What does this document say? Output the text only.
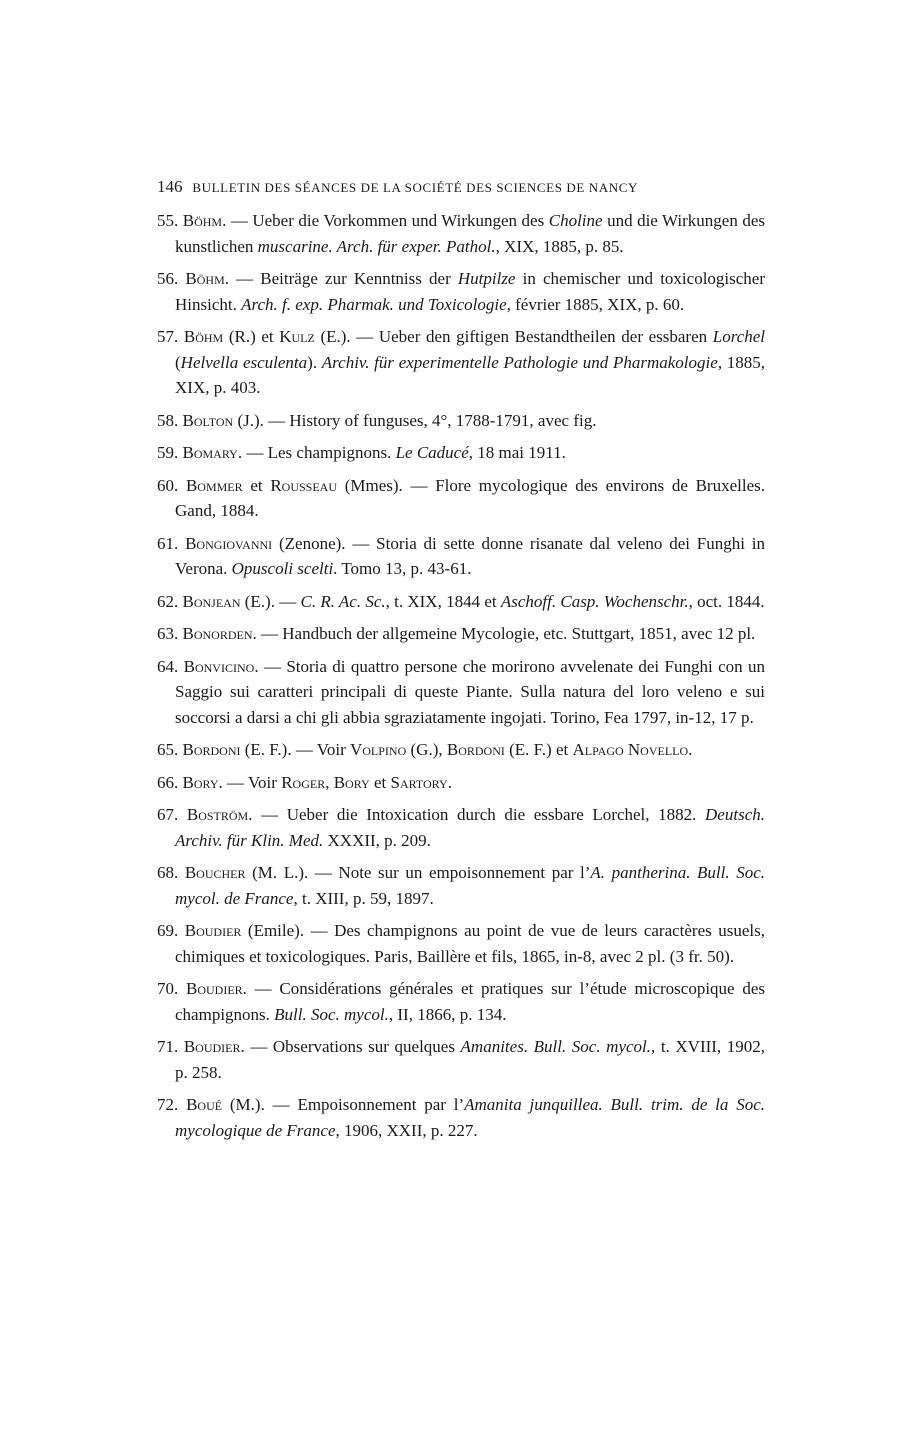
146 BULLETIN DES SÉANCES DE LA SOCIÉTÉ DES SCIENCES DE NANCY
55. Böhm. — Ueber die Vorkommen und Wirkungen des Choline und die Wirkungen des kunstlichen muscarine. Arch. für exper. Pathol., XIX, 1885, p. 85.
56. Böhm. — Beiträge zur Kenntniss der Hutpilze in chemischer und toxicologischer Hinsicht. Arch. f. exp. Pharmak. und Toxicologie, février 1885, XIX, p. 60.
57. Böhm (R.) et Kulz (E.). — Ueber den giftigen Bestandtheilen der essbaren Lorchel (Helvella esculenta). Archiv. für experimentelle Pathologie und Pharmakologie, 1885, XIX, p. 403.
58. Bolton (J.). — History of funguses, 4°, 1788-1791, avec fig.
59. Bomary. — Les champignons. Le Caducé, 18 mai 1911.
60. Bommer et Rousseau (Mmes). — Flore mycologique des environs de Bruxelles. Gand, 1884.
61. Bongiovanni (Zenone). — Storia di sette donne risanate dal veleno dei Funghi in Verona. Opuscoli scelti. Tomo 13, p. 43-61.
62. Bonjean (E.). — C. R. Ac. Sc., t. XIX, 1844 et Aschoff. Casp. Wochenschr., oct. 1844.
63. Bonorden. — Handbuch der allgemeine Mycologie, etc. Stuttgart, 1851, avec 12 pl.
64. Bonvicino. — Storia di quattro persone che morirono avvelenate dei Funghi con un Saggio sui caratteri principali di queste Piante. Sulla natura del loro veleno e sui soccorsi a darsi a chi gli abbia sgraziatamente ingojati. Torino, Fea 1797, in-12, 17 p.
65. Bordoni (E. F.). — Voir Volpino (G.), Bordoni (E. F.) et Alpago Novello.
66. Bory. — Voir Roger, Bory et Sartory.
67. Boström. — Ueber die Intoxication durch die essbare Lorchel, 1882. Deutsch. Archiv. für Klin. Med. XXXII, p. 209.
68. Boucher (M. L.). — Note sur un empoisonnement par l’A. pantherina. Bull. Soc. mycol. de France, t. XIII, p. 59, 1897.
69. Boudier (Emile). — Des champignons au point de vue de leurs caractères usuels, chimiques et toxicologiques. Paris, Baillère et fils, 1865, in-8, avec 2 pl. (3 fr. 50).
70. Boudier. — Considérations générales et pratiques sur l’étude microscopique des champignons. Bull. Soc. mycol., II, 1866, p. 134.
71. Boudier. — Observations sur quelques Amanites. Bull. Soc. mycol., t. XVIII, 1902, p. 258.
72. Boué (M.). — Empoisonnement par l’Amanita junquillea. Bull. trim. de la Soc. mycologique de France, 1906, XXII, p. 227.
